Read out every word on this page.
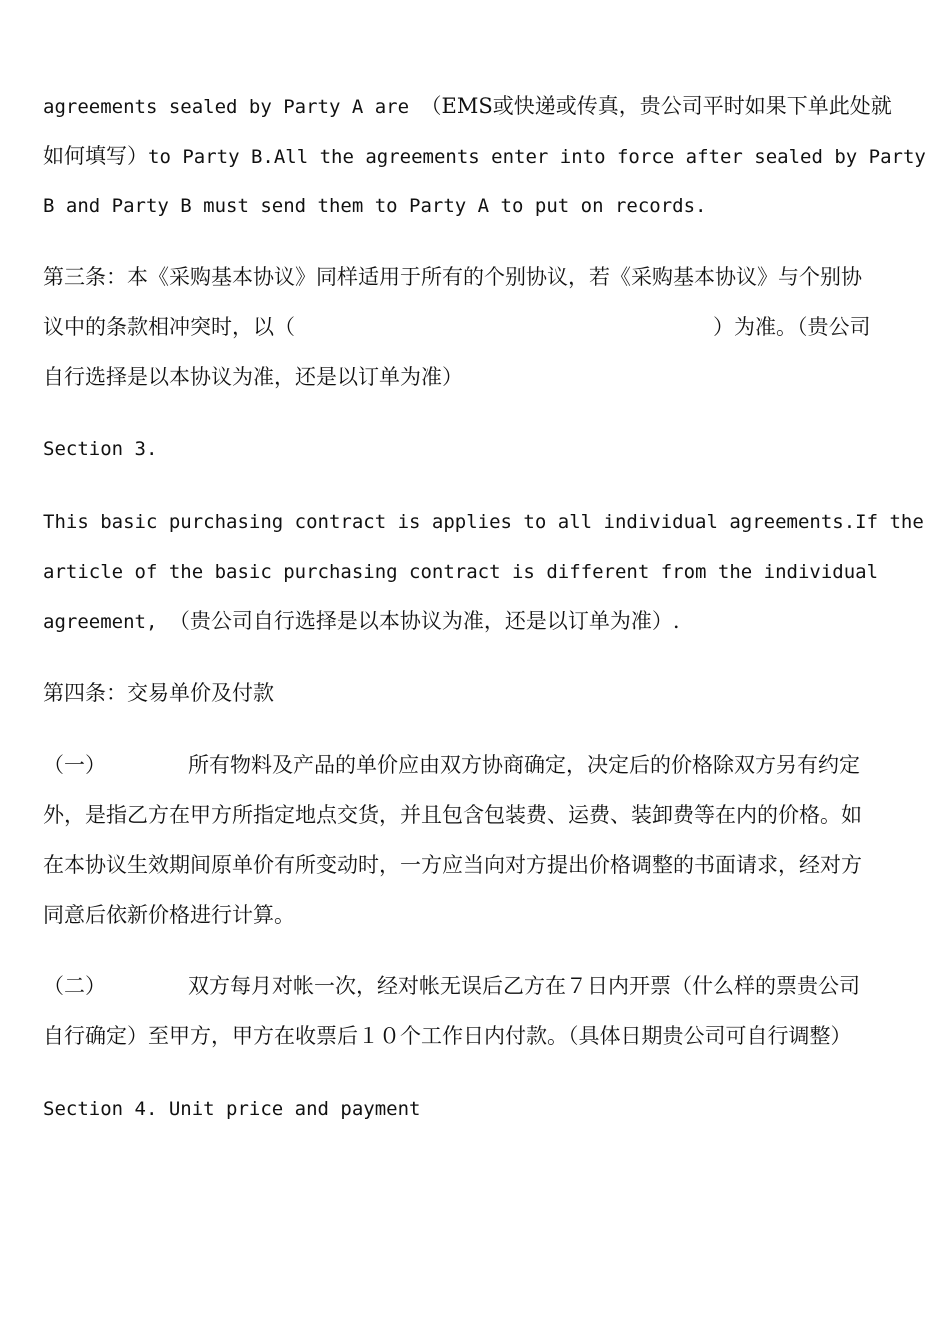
agreements sealed by Party A are （EMS或快递或传真，贵公司平时如果下单此处就
如何填写）to Party B.All the agreements enter into force after sealed by Party
B and Party B must send them to Party A to put on records.
第三条：本《采购基本协议》同样适用于所有的个别协议，若《采购基本协议》与个别协
议中的条款相冲突时，以（	）为准。（贵公司
自行选择是以本协议为准，还是以订单为准）
Section 3.
This basic purchasing contract is applies to all individual agreements.If the
article of the basic purchasing contract is different from the individual
agreement, （贵公司自行选择是以本协议为准，还是以订单为准）.
第四条：交易单价及付款
（一）	所有物料及产品的单价应由双方协商确定，决定后的价格除双方另有约定
外，是指乙方在甲方所指定地点交货，并且包含包装费、运费、装卸费等在内的价格。如
在本协议生效期间原单价有所变动时，一方应当向对方提出价格调整的书面请求，经对方
同意后依新价格进行计算。
（二）	双方每月对帐一次，经对帐无误后乙方在７日内开票（什么样的票贵公司
自行确定）至甲方，甲方在收票后１０个工作日内付款。（具体日期贵公司可自行调整）
Section 4. Unit price and payment
